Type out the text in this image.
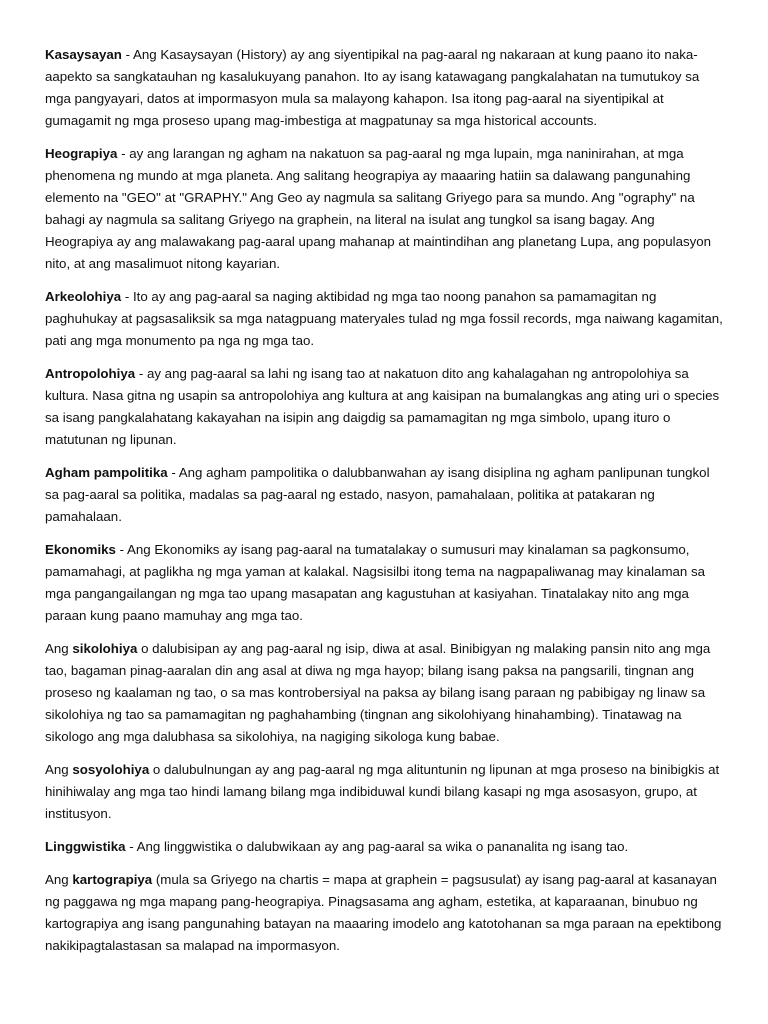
Kasaysayan - Ang Kasaysayan (History) ay ang siyentipikal na pag-aaral ng nakaraan at kung paano ito naka-aapekto sa sangkatauhan ng kasalukuyang panahon. Ito ay isang katawagang pangkalahatan na tumutukoy sa mga pangyayari, datos at impormasyon mula sa malayong kahapon. Isa itong pag-aaral na siyentipikal at gumagamit ng mga proseso upang mag-imbestiga at magpatunay sa mga historical accounts.

Heograpiya - ay ang larangan ng agham na nakatuon sa pag-aaral ng mga lupain, mga naninirahan, at mga phenomena ng mundo at mga planeta. Ang salitang heograpiya ay maaaring hatiin sa dalawang pangunahing elemento na "GEO" at "GRAPHY." Ang Geo ay nagmula sa salitang Griyego para sa mundo. Ang "ography" na bahagi ay nagmula sa salitang Griyego na graphein, na literal na isulat ang tungkol sa isang bagay. Ang Heograpiya ay ang malawakang pag-aaral upang mahanap at maintindihan ang planetang Lupa, ang populasyon nito, at ang masalimuot nitong kayarian.

Arkeolohiya - Ito ay ang pag-aaral sa naging aktibidad ng mga tao noong panahon sa pamamagitan ng paghuhukay at pagsasaliksik sa mga natagpuang materyales tulad ng mga fossil records, mga naiwang kagamitan, pati ang mga monumento pa nga ng mga tao.

Antropolohiya - ay ang pag-aaral sa lahi ng isang tao at nakatuon dito ang kahalagahan ng antropolohiya sa kultura. Nasa gitna ng usapin sa antropolohiya ang kultura at ang kaisipan na bumalangkas ang ating uri o species sa isang pangkalahatang kakayahan na isipin ang daigdig sa pamamagitan ng mga simbolo, upang ituro o matutunan ng lipunan.

Agham pampolitika - Ang agham pampolitika o dalubbanwahan ay isang disiplina ng agham panlipunan tungkol sa pag-aaral sa politika, madalas sa pag-aaral ng estado, nasyon, pamahalaan, politika at patakaran ng pamahalaan.

Ekonomiks - Ang Ekonomiks ay isang pag-aaral na tumatalakay o sumusuri may kinalaman sa pagkonsumo, pamamahagi, at paglikha ng mga yaman at kalakal. Nagsisilbi itong tema na nagpapaliwanag may kinalaman sa mga pangangailangan ng mga tao upang masapatan ang kagustuhan at kasiyahan. Tinatalakay nito ang mga paraan kung paano mamuhay ang mga tao.

Ang sikolohiya o dalubisipan ay ang pag-aaral ng isip, diwa at asal. Binibigyan ng malaking pansin nito ang mga tao, bagaman pinag-aaralan din ang asal at diwa ng mga hayop; bilang isang paksa na pangsarili, tingnan ang proseso ng kaalaman ng tao, o sa mas kontrobersiyal na paksa ay bilang isang paraan ng pabibigay ng linaw sa sikolohiya ng tao sa pamamagitan ng paghahambing (tingnan ang sikolohiyang hinahambing). Tinatawag na sikologo ang mga dalubhasa sa sikolohiya, na nagiging sikologa kung babae.

Ang sosyolohiya o dalubulnungan ay ang pag-aaral ng mga alituntunin ng lipunan at mga proseso na binibigkis at hinihiwalay ang mga tao hindi lamang bilang mga indibiduwal kundi bilang kasapi ng mga asosasyon, grupo, at institusyon.

Linggwistika - Ang linggwistika o dalubwikaan ay ang pag-aaral sa wika o pananalita ng isang tao.

Ang kartograpiya (mula sa Griyego na chartis = mapa at graphein = pagsusulat) ay isang pag-aaral at kasanayan ng paggawa ng mga mapang pang-heograpiya. Pinagsasama ang agham, estetika, at kaparaanan, binubuo ng kartograpiya ang isang pangunahing batayan na maaaring imodelo ang katotohanan sa mga paraan na epektibong nakikipagtalastasan sa malapad na impormasyon.
